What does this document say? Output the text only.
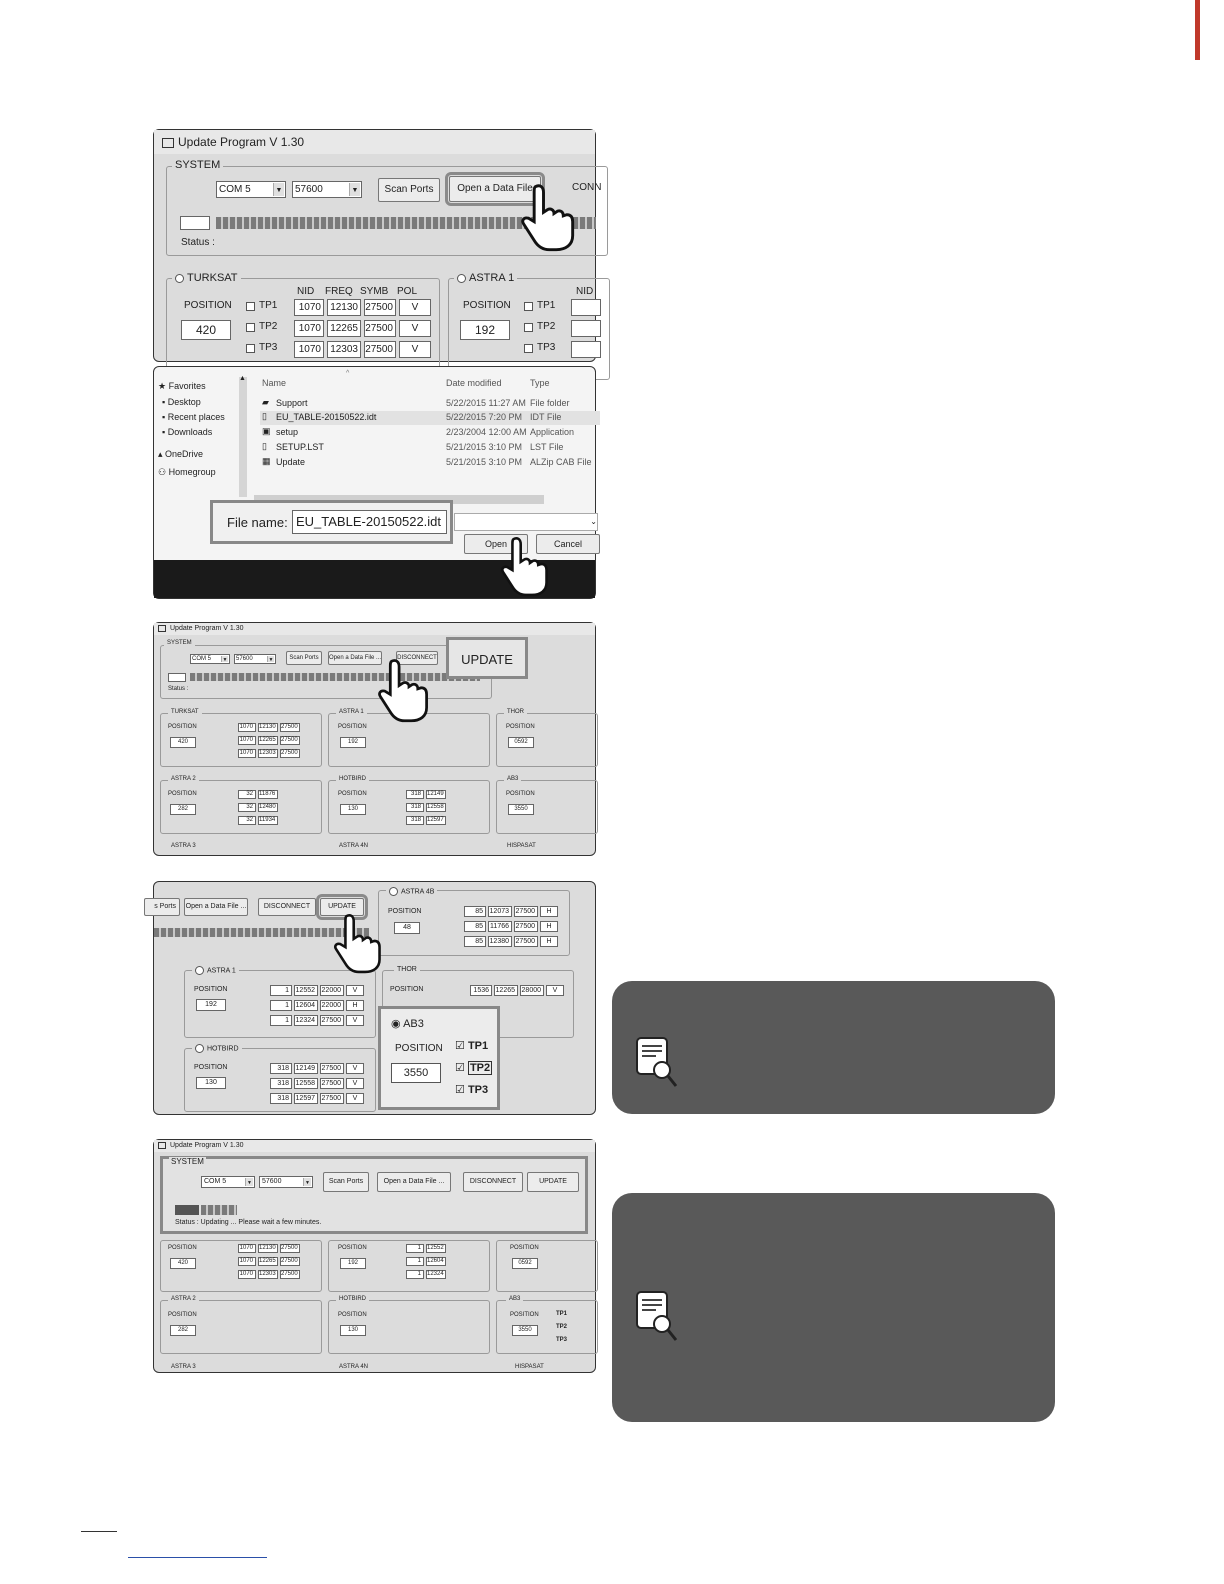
Update Program V 1.30
SYSTEM
COM 5	▼	57600	▼	Scan Ports	Open a Data File	CONN
Status :
TURKSAT
NID FREQ SYMB POL
POSITION
420
TP1
TP2
TP3
1070 12130 27500	V
1070 12265 27500	V
1070 12303 27500	V
ASTRA 1
NID
POSITION
192
TP1
TP2
TP3
★ Favorites
▪ Desktop
▪ Recent places
▪ Downloads
▴ OneDrive
⚇ Homegroup
▲ Name	Date modified	Type
^
▰ Support	5/22/2015 11:27 AM File folder
▯ EU_TABLE-20150522.idt	5/22/2015 7:20 PM IDT File
▣ setup	2/23/2004 12:00 AM Application
▯ SETUP.LST	5/21/2015 3:10 PM LST File
▦ Update	5/21/2015 3:10 PM ALZip CAB File
⌄
File name: EU_TABLE-20150522.idt
Open	Cancel
Update Program V 1.30
SYSTEM
COM 5	▼	57600	▼	Scan Ports	Open a Data File ...	DISCONNECT
Status :
TURKSAT
POSITION
420
1070	12130 27500
1070	12265 27500
1070	12303 27500
ASTRA 1
POSITION
192
THOR
POSITION
0592
ASTRA 2
POSITION
282
32	11876
32	12480
32	11934
HOTBIRD
POSITION
130
318	12149
318	12558
318	12597
AB3
POSITION
3550
ASTRA 3	ASTRA 4N	HISPASAT
UPDATE
s Ports	Open a Data File ...	DISCONNECT	UPDATE
ASTRA 4B
POSITION
48
85 12073 27500	H
85	11766 27500	H
85 12380 27500	H
ASTRA 1
POSITION
192
1 12552 22000	V
1 12604 22000	H
1 12324 27500	V
THOR
POSITION	1536 12265 28000	V
HOTBIRD
POSITION
130
318 12149 27500	V
318 12558 27500	V
318 12597 27500	V
◉ AB3
POSITION
3550
☑ TP1
☑ TP2
☑ TP3
Update Program V 1.30
SYSTEM
COM 5	▼	57600	▼	Scan Ports	Open a Data File ...	DISCONNECT	UPDATE
Status : Updating ... Please wait a few minutes.
POSITION
420
1070	12130 27500
1070	12265 27500
1070	12303 27500
POSITION
192
1	12552
1	12604
1	12324
POSITION
0592
ASTRA 2
POSITION
282
HOTBIRD
POSITION
130
AB3
POSITION
3550
TP1
TP2
TP3
ASTRA 3	ASTRA 4N	HISPASAT
